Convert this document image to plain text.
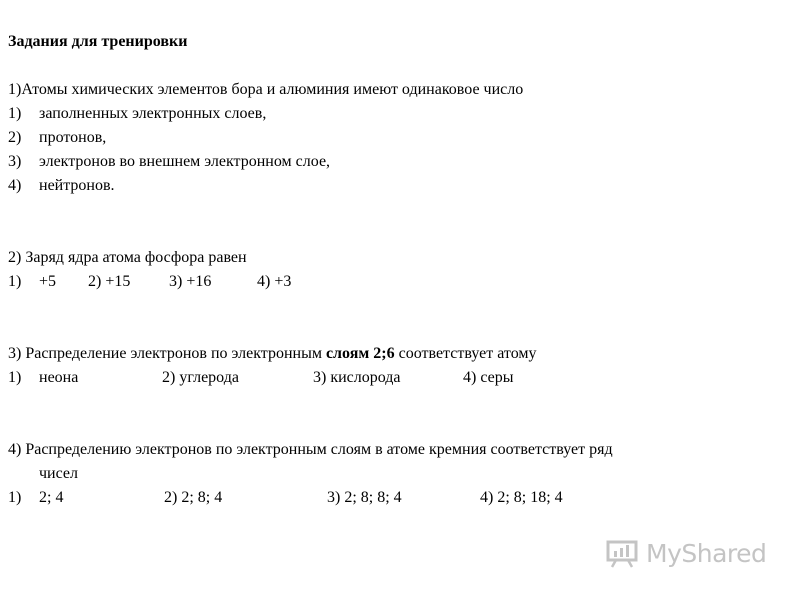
Задания для тренировки
1)Атомы химических элементов бора и алюминия имеют одинаковое число
1) заполненных электронных слоев,
2) протонов,
3) электронов во внешнем электронном слое,
4) нейтронов.
2) Заряд ядра атома фосфора равен
1) +5 2) +15 3) +16	4) +3
3) Распределение электронов по электронным слоям 2;6 соответствует атому
1) неона	2) углерода	3) кислорода	4) серы
4) Распределению электронов по электронным слоям в атоме кремния соответствует ряд
чисел
1) 2; 4	2) 2; 8; 4	3) 2; 8; 8; 4	4) 2; 8; 18; 4
MyShared
